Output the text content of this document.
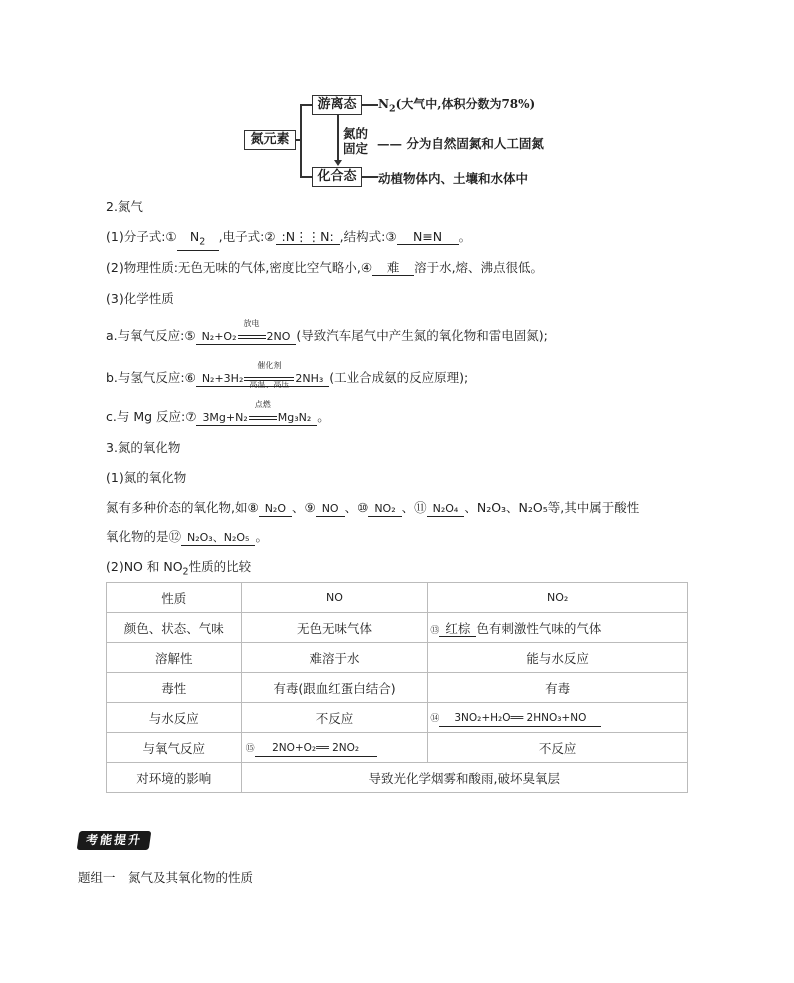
氮元素
游离态	$N_2$(大气中,体积分数为78%)
氮的
固定 —— 分为自然固氮和人工固氮
化合态	动植物体内、土壤和水体中
2.氮气
(1)分子式:① $N_2$ ,电子式:② :N⋮⋮N: ,结构式:③ N≡N 。
(2)物理性质:无色无味的气体,密度比空气略小,④ 难 溶于水,熔、沸点很低。
(3)化学性质
a.与氧气反应:⑤ N₂+O₂
放电
2NO (导致汽车尾气中产生氮的氧化物和雷电固氮);
b.与氢气反应:⑥ N₂+3H₂
催化剂
高温、高压 2NH₃ (工业合成氨的反应原理);
c.与 Mg 反应:⑦ 3Mg+N₂
点燃
Mg₃N₂ 。
3.氮的氧化物
(1)氮的氧化物
氮有多种价态的氧化物,如⑧ N₂O 、⑨ NO 、⑩ NO₂ 、⑪ N₂O₄ 、N₂O₃、N₂O₅等,其中属于酸性
氧化物的是⑫ N₂O₃、N₂O₅ 。
(2)NO 和 $NO_2$性质的比较
性质	NO	NO₂
颜色、状态、气味	无色无味气体	⑬ 红棕 色有刺激性气味的气体
溶解性	难溶于水	能与水反应
毒性	有毒(跟血红蛋白结合)	有毒
与水反应	不反应	⑭ 3NO₂+H₂O══ 2HNO₃+NO
与氧气反应	⑮ 2NO+O₂══ 2NO₂	不反应
对环境的影响	导致光化学烟雾和酸雨,破坏臭氧层	
考能提升
题组一　氮气及其氧化物的性质
